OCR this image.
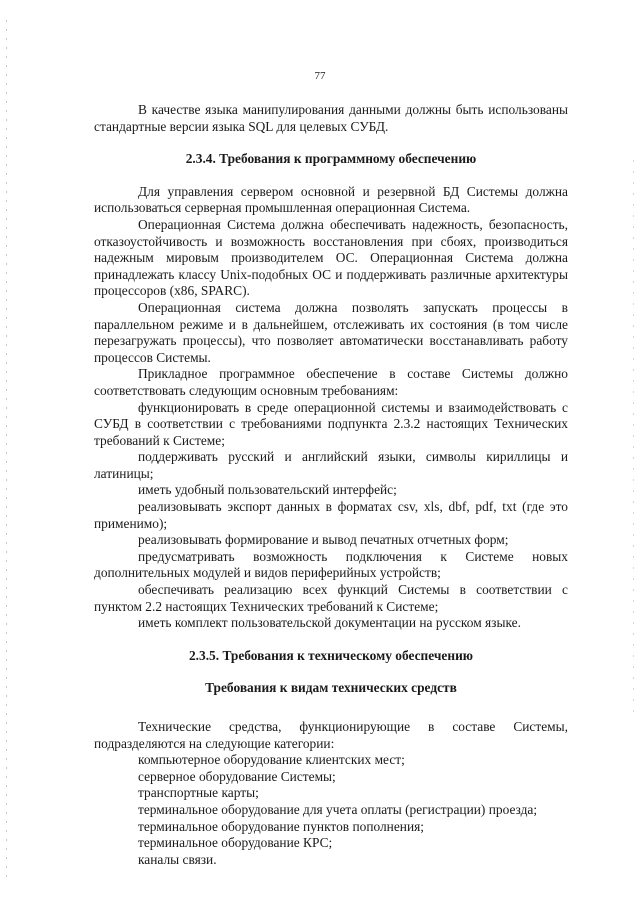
77

В качестве языка манипулирования данными должны быть использованы стандартные версии языка SQL для целевых СУБД.

2.3.4. Требования к программному обеспечению

Для управления сервером основной и резервной БД Системы должна использоваться серверная промышленная операционная Система.

Операционная Система должна обеспечивать надежность, безопасность, отказоустойчивость и возможность восстановления при сбоях, производиться надежным мировым производителем ОС. Операционная Система должна принадлежать классу Unix-подобных ОС и поддерживать различные архитектуры процессоров (x86, SPARC).

Операционная система должна позволять запускать процессы в параллельном режиме и в дальнейшем, отслеживать их состояния (в том числе перезагружать процессы), что позволяет автоматически восстанавливать работу процессов Системы.

Прикладное программное обеспечение в составе Системы должно соответствовать следующим основным требованиям:

функционировать в среде операционной системы и взаимодействовать с СУБД в соответствии с требованиями подпункта 2.3.2 настоящих Технических требований к Системе;

поддерживать русский и английский языки, символы кириллицы и латиницы;

иметь удобный пользовательский интерфейс;

реализовывать экспорт данных в форматах csv, xls, dbf, pdf, txt (где это применимо);

реализовывать формирование и вывод печатных отчетных форм;

предусматривать возможность подключения к Системе новых дополнительных модулей и видов периферийных устройств;

обеспечивать реализацию всех функций Системы в соответствии с пунктом 2.2 настоящих Технических требований к Системе;

иметь комплект пользовательской документации на русском языке.

2.3.5. Требования к техническому обеспечению

Требования к видам технических средств

Технические средства, функционирующие в составе Системы, подразделяются на следующие категории:

компьютерное оборудование клиентских мест;

серверное оборудование Системы;

транспортные карты;

терминальное оборудование для учета оплаты (регистрации) проезда;

терминальное оборудование пунктов пополнения;

терминальное оборудование КРС;

каналы связи.
